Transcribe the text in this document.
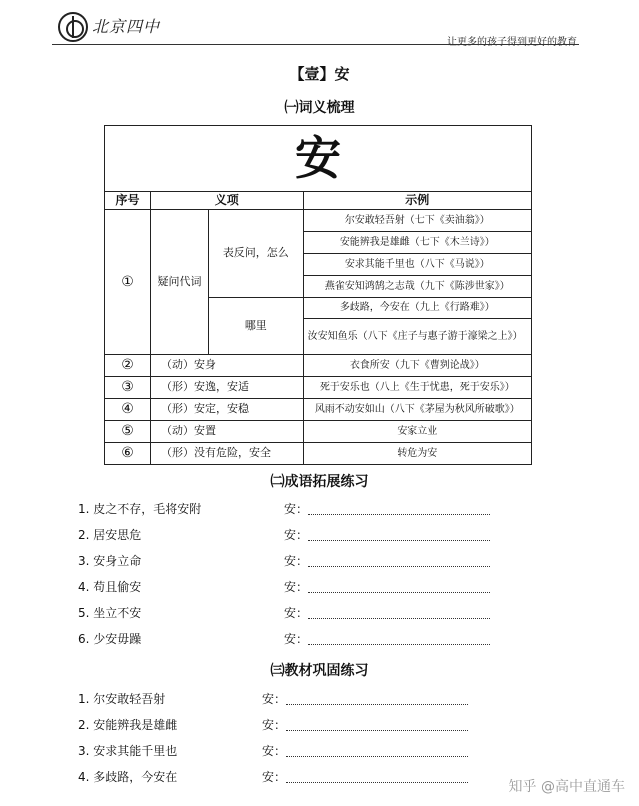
北京四中
让更多的孩子得到更好的教育
【壹】安
㈠词义梳理
安			
序号	义项		示例
①	疑问代词	表反问，怎么	尔安敢轻吾射（七下《卖油翁》）
			安能辨我是雄雌（七下《木兰诗》）
			安求其能千里也（八下《马说》）
			燕雀安知鸿鹄之志哉（九下《陈涉世家》）
		哪里	多歧路，今安在（九上《行路难》）
			汝安知鱼乐（八下《庄子与惠子游于濠梁之上》）
②	（动）安身		衣食所安（九下《曹刿论战》）
③	（形）安逸，安适		死于安乐也（八上《生于忧患，死于安乐》）
④	（形）安定，安稳		风雨不动安如山（八下《茅屋为秋风所破歌》）
⑤	（动）安置		安家立业
⑥	（形）没有危险，安全		转危为安
㈡成语拓展练习
1. 皮之不存，毛将安附	安：
2. 居安思危	安：
3. 安身立命	安：
4. 苟且偷安	安：
5. 坐立不安	安：
6. 少安毋躁	安：
㈢教材巩固练习
1. 尔安敢轻吾射	安：
2. 安能辨我是雄雌	安：
3. 安求其能千里也	安：
4. 多歧路，今安在	安：
知乎 @高中直通车
